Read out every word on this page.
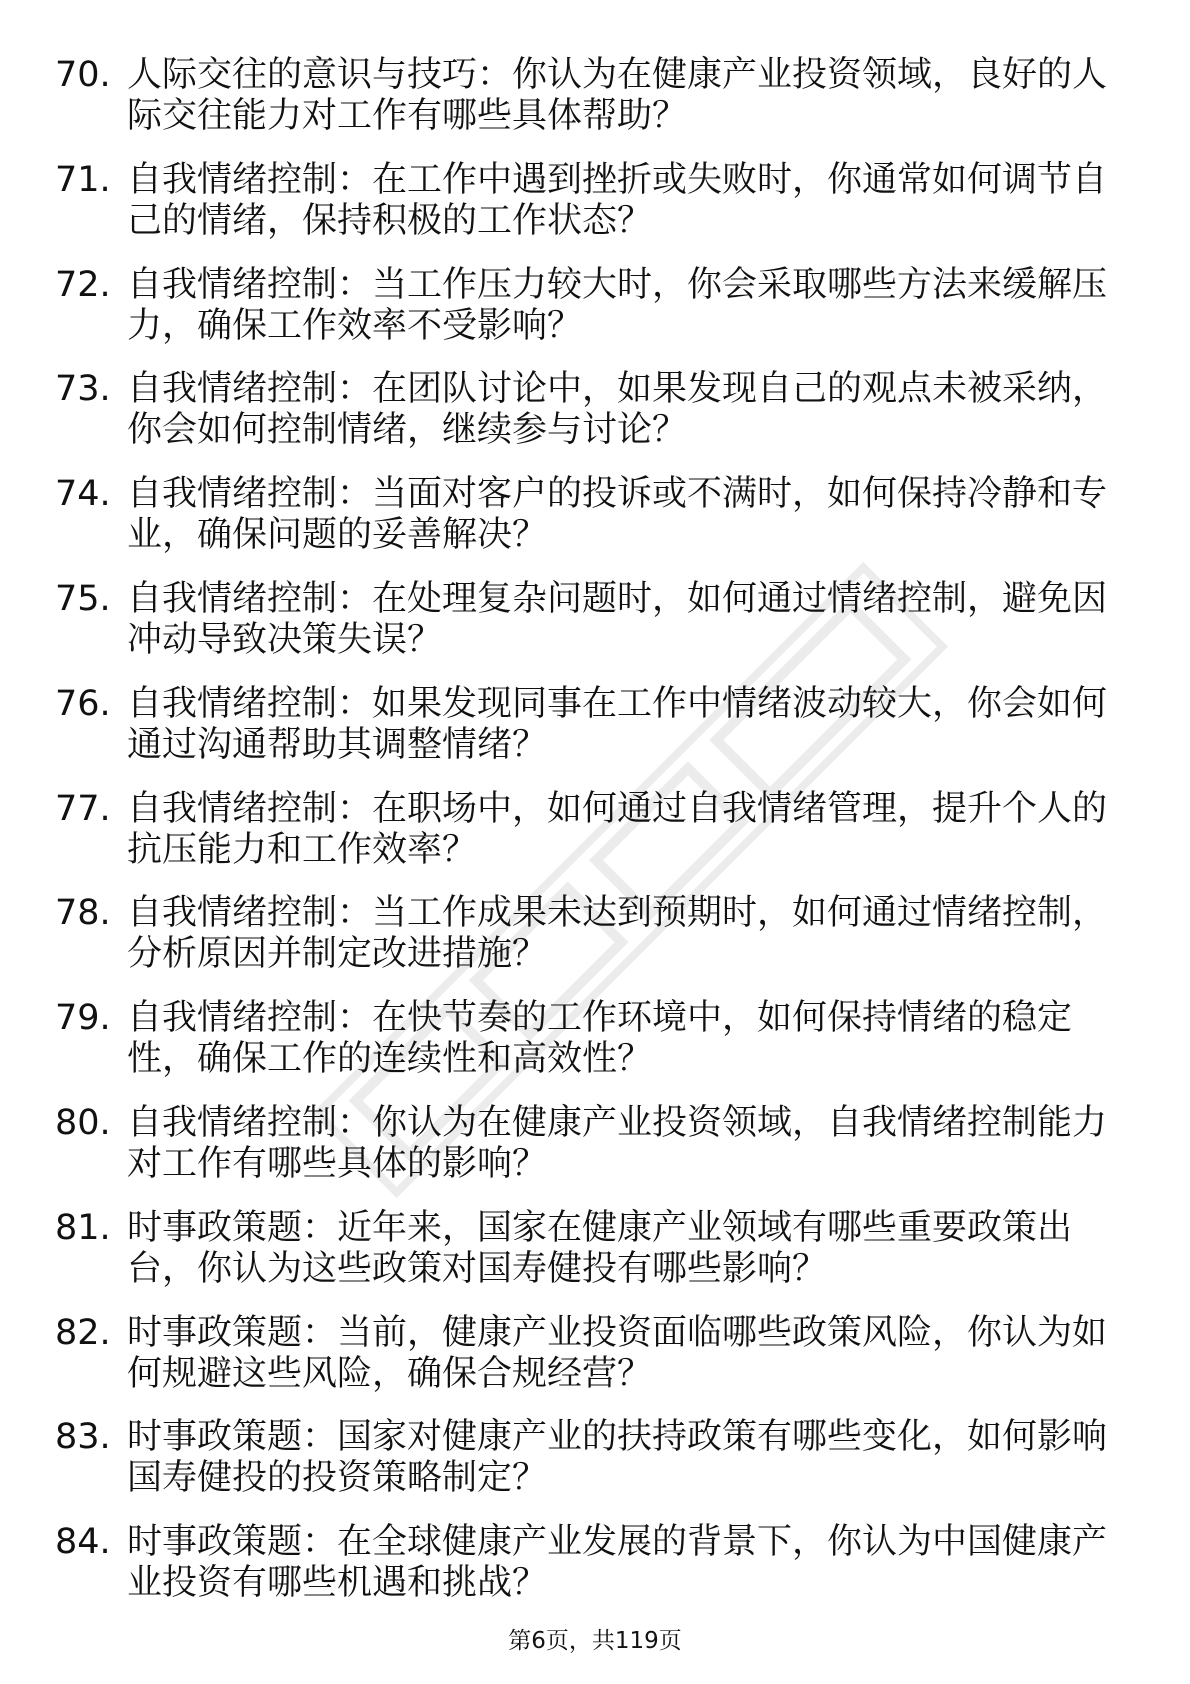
70. 人际交往的意识与技巧：你认为在健康产业投资领域，良好的人际交往能力对工作有哪些具体帮助？
71. 自我情绪控制：在工作中遇到挫折或失败时，你通常如何调节自己的情绪，保持积极的工作状态？
72. 自我情绪控制：当工作压力较大时，你会采取哪些方法来缓解压力，确保工作效率不受影响？
73. 自我情绪控制：在团队讨论中，如果发现自己的观点未被采纳，你会如何控制情绪，继续参与讨论？
74. 自我情绪控制：当面对客户的投诉或不满时，如何保持冷静和专业，确保问题的妥善解决？
75. 自我情绪控制：在处理复杂问题时，如何通过情绪控制，避免因冲动导致决策失误？
76. 自我情绪控制：如果发现同事在工作中情绪波动较大，你会如何通过沟通帮助其调整情绪？
77. 自我情绪控制：在职场中，如何通过自我情绪管理，提升个人的抗压能力和工作效率？
78. 自我情绪控制：当工作成果未达到预期时，如何通过情绪控制，分析原因并制定改进措施？
79. 自我情绪控制：在快节奏的工作环境中，如何保持情绪的稳定性，确保工作的连续性和高效性？
80. 自我情绪控制：你认为在健康产业投资领域，自我情绪控制能力对工作有哪些具体的影响？
81. 时事政策题：近年来，国家在健康产业领域有哪些重要政策出台，你认为这些政策对国寿健投有哪些影响？
82. 时事政策题：当前，健康产业投资面临哪些政策风险，你认为如何规避这些风险，确保合规经营？
83. 时事政策题：国家对健康产业的扶持政策有哪些变化，如何影响国寿健投的投资策略制定？
84. 时事政策题：在全球健康产业发展的背景下，你认为中国健康产业投资有哪些机遇和挑战？
第6页，共119页
